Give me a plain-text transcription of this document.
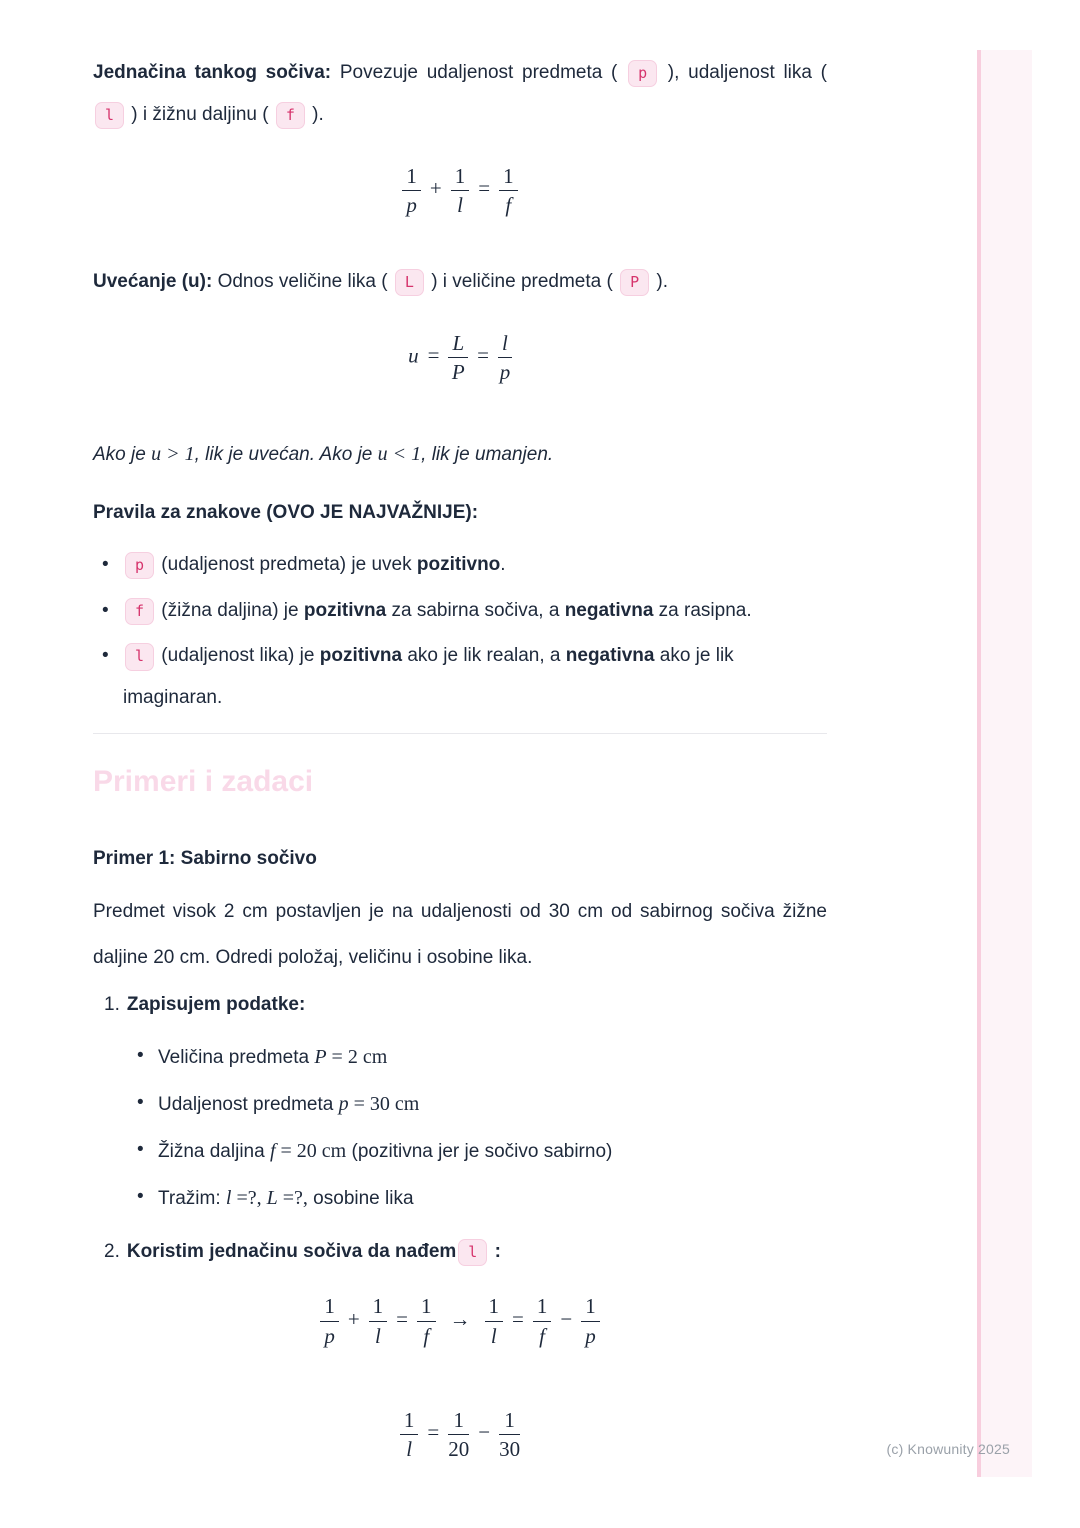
Jednačina tankog sočiva: Povezuje udaljenost predmeta ( p ), udaljenost lika ( l ) i žižnu daljinu ( f ).

$\frac{1}{p} + \frac{1}{l} = \frac{1}{f}$

Uvećanje (u): Odnos veličine lika ( L ) i veličine predmeta ( P ).

$u = \frac{L}{P} = \frac{l}{p}$

Ako je u > 1, lik je uvećan. Ako je u < 1, lik je umanjen.

Pravila za znakove (OVO JE NAJVAŽNIJE):

• p (udaljenost predmeta) je uvek pozitivno.
• f (žižna daljina) je pozitivna za sabirna sočiva, a negativna za rasipna.
• l (udaljenost lika) je pozitivna ako je lik realan, a negativna ako je lik imaginaran.
Primeri i zadaci

Primer 1: Sabirno sočivo

Predmet visok 2 cm postavljen je na udaljenosti od 30 cm od sabirnog sočiva žižne daljine 20 cm. Odredi položaj, veličinu i osobine lika.

1. Zapisujem podatke:
• Veličina predmeta P = 2 cm
• Udaljenost predmeta p = 30 cm
• Žižna daljina f = 20 cm (pozitivna jer je sočivo sabirno)
• Tražim: l =?, L =?, osobine lika
2. Koristim jednačinu sočiva da nađem l :
$\frac{1}{p} + \frac{1}{l} = \frac{1}{f} \to \frac{1}{l} = \frac{1}{f} - \frac{1}{p}$
$\frac{1}{l} = \frac{1}{20} - \frac{1}{30}$	(c) Knowunity 2025
